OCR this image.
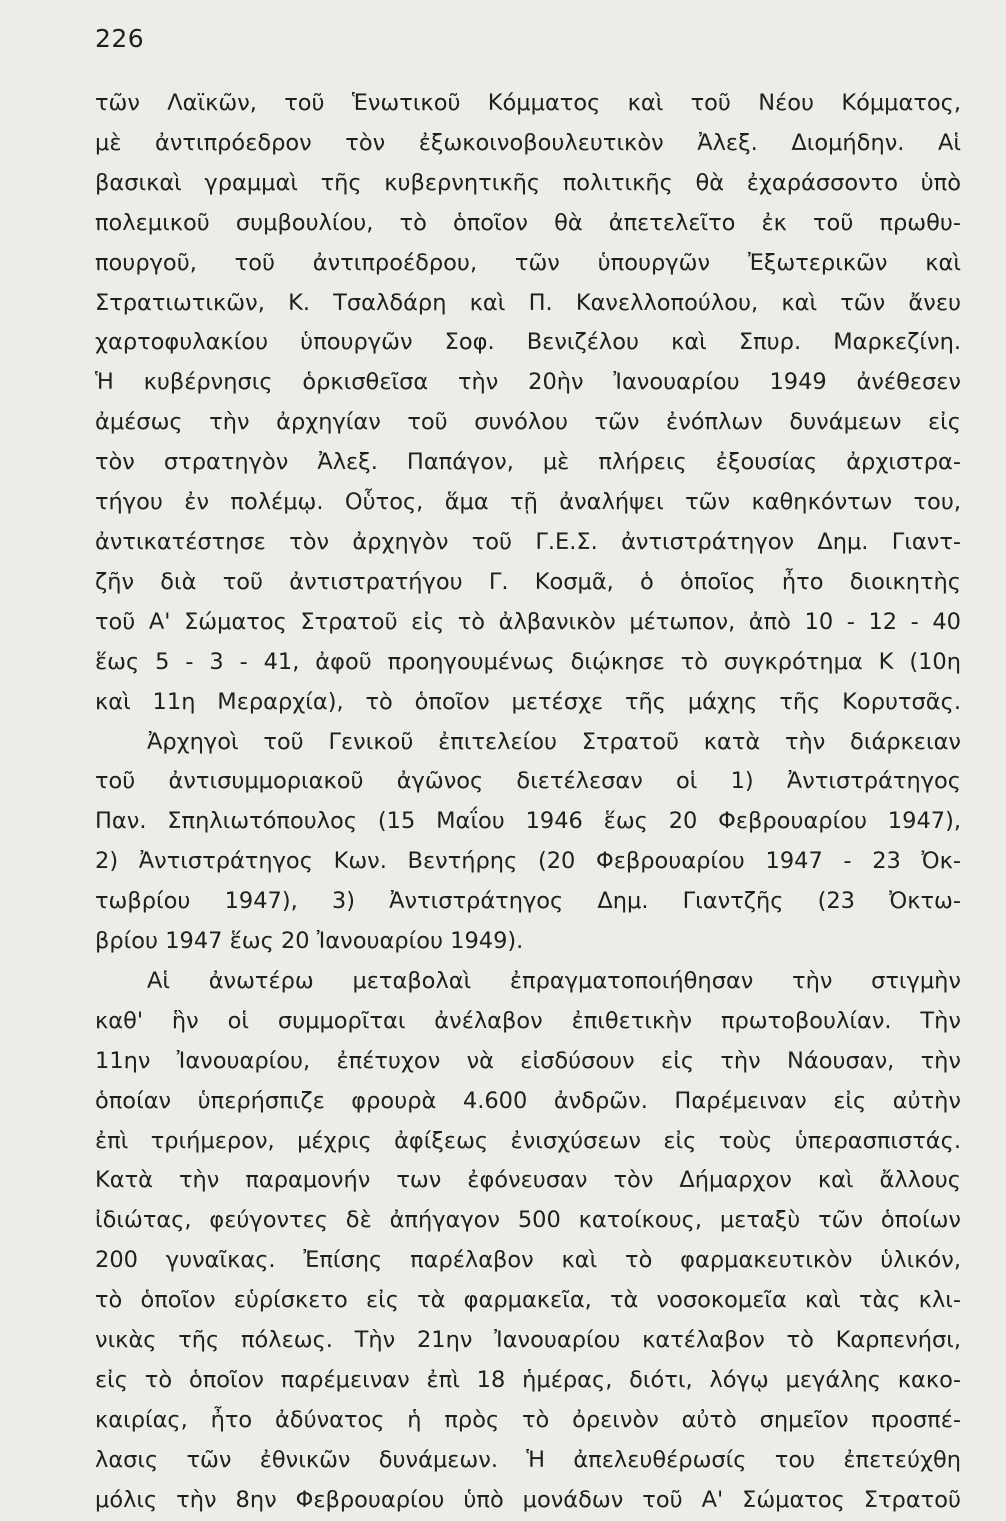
226
τῶν Λαϊκῶν, τοῦ Ἑνωτικοῦ Κόμματος καὶ τοῦ Νέου Κόμματος,
μὲ ἀντιπρόεδρον τὸν ἐξωκοινοβουλευτικὸν Ἀλεξ. Διομήδην. Αἱ
βασικαὶ γραμμαὶ τῆς κυβερνητικῆς πολιτικῆς θὰ ἐχαράσσοντο ὑπὸ
πολεμικοῦ συμβουλίου, τὸ ὁποῖον θὰ ἀπετελεῖτο ἐκ τοῦ πρωθυ-
πουργοῦ, τοῦ ἀντιπροέδρου, τῶν ὑπουργῶν Ἐξωτερικῶν καὶ
Στρατιωτικῶν, Κ. Τσαλδάρη καὶ Π. Κανελλοπούλου, καὶ τῶν ἄνευ
χαρτοφυλακίου ὑπουργῶν Σοφ. Βενιζέλου καὶ Σπυρ. Μαρκεζίνη.
Ἡ κυβέρνησις ὁρκισθεῖσα τὴν 20ὴν Ἰανουαρίου 1949 ἀνέθεσεν
ἀμέσως τὴν ἀρχηγίαν τοῦ συνόλου τῶν ἐνόπλων δυνάμεων εἰς
τὸν στρατηγὸν Ἀλεξ. Παπάγον, μὲ πλήρεις ἐξουσίας ἀρχιστρα-
τήγου ἐν πολέμῳ. Οὗτος, ἅμα τῇ ἀναλήψει τῶν καθηκόντων του,
ἀντικατέστησε τὸν ἀρχηγὸν τοῦ Γ.Ε.Σ. ἀντιστράτηγον Δημ. Γιαντ-
ζῆν διὰ τοῦ ἀντιστρατήγου Γ. Κοσμᾶ, ὁ ὁποῖος ἦτο διοικητὴς
τοῦ Α' Σώματος Στρατοῦ εἰς τὸ ἀλβανικὸν μέτωπον, ἀπὸ 10 - 12 - 40
ἕως 5 - 3 - 41, ἀφοῦ προηγουμένως διῴκησε τὸ συγκρότημα Κ (10η
καὶ 11η Μεραρχία), τὸ ὁποῖον μετέσχε τῆς μάχης τῆς Κορυτσᾶς.
Ἀρχηγοὶ τοῦ Γενικοῦ ἐπιτελείου Στρατοῦ κατὰ τὴν διάρκειαν
τοῦ ἀντισυμμοριακοῦ ἀγῶνος διετέλεσαν οἱ 1) Ἀντιστράτηγος
Παν. Σπηλιωτόπουλος (15 Μαΐου 1946 ἕως 20 Φεβρουαρίου 1947),
2) Ἀντιστράτηγος Κων. Βεντήρης (20 Φεβρουαρίου 1947 - 23 Ὀκ-
τωβρίου 1947), 3) Ἀντιστράτηγος Δημ. Γιαντζῆς (23 Ὀκτω-
βρίου 1947 ἕως 20 Ἰανουαρίου 1949).
Αἱ ἀνωτέρω μεταβολαὶ ἐπραγματοποιήθησαν τὴν στιγμὴν
καθ' ἣν οἱ συμμορῖται ἀνέλαβον ἐπιθετικὴν πρωτοβουλίαν. Τὴν
11ην Ἰανουαρίου, ἐπέτυχον νὰ εἰσδύσουν εἰς τὴν Νάουσαν, τὴν
ὁποίαν ὑπερήσπιζε φρουρὰ 4.600 ἀνδρῶν. Παρέμειναν εἰς αὐτὴν
ἐπὶ τριήμερον, μέχρις ἀφίξεως ἐνισχύσεων εἰς τοὺς ὑπερασπιστάς.
Κατὰ τὴν παραμονήν των ἐφόνευσαν τὸν Δήμαρχον καὶ ἄλλους
ἰδιώτας, φεύγοντες δὲ ἀπήγαγον 500 κατοίκους, μεταξὺ τῶν ὁποίων
200 γυναῖκας. Ἐπίσης παρέλαβον καὶ τὸ φαρμακευτικὸν ὑλικόν,
τὸ ὁποῖον εὑρίσκετο εἰς τὰ φαρμακεῖα, τὰ νοσοκομεῖα καὶ τὰς κλι-
νικὰς τῆς πόλεως. Τὴν 21ην Ἰανουαρίου κατέλαβον τὸ Καρπενήσι,
εἰς τὸ ὁποῖον παρέμειναν ἐπὶ 18 ἡμέρας, διότι, λόγῳ μεγάλης κακο-
καιρίας, ἦτο ἀδύνατος ἡ πρὸς τὸ ὀρεινὸν αὐτὸ σημεῖον προσπέ-
λασις τῶν ἐθνικῶν δυνάμεων. Ἡ ἀπελευθέρωσίς του ἐπετεύχθη
μόλις τὴν 8ην Φεβρουαρίου ὑπὸ μονάδων τοῦ Α' Σώματος Στρατοῦ
